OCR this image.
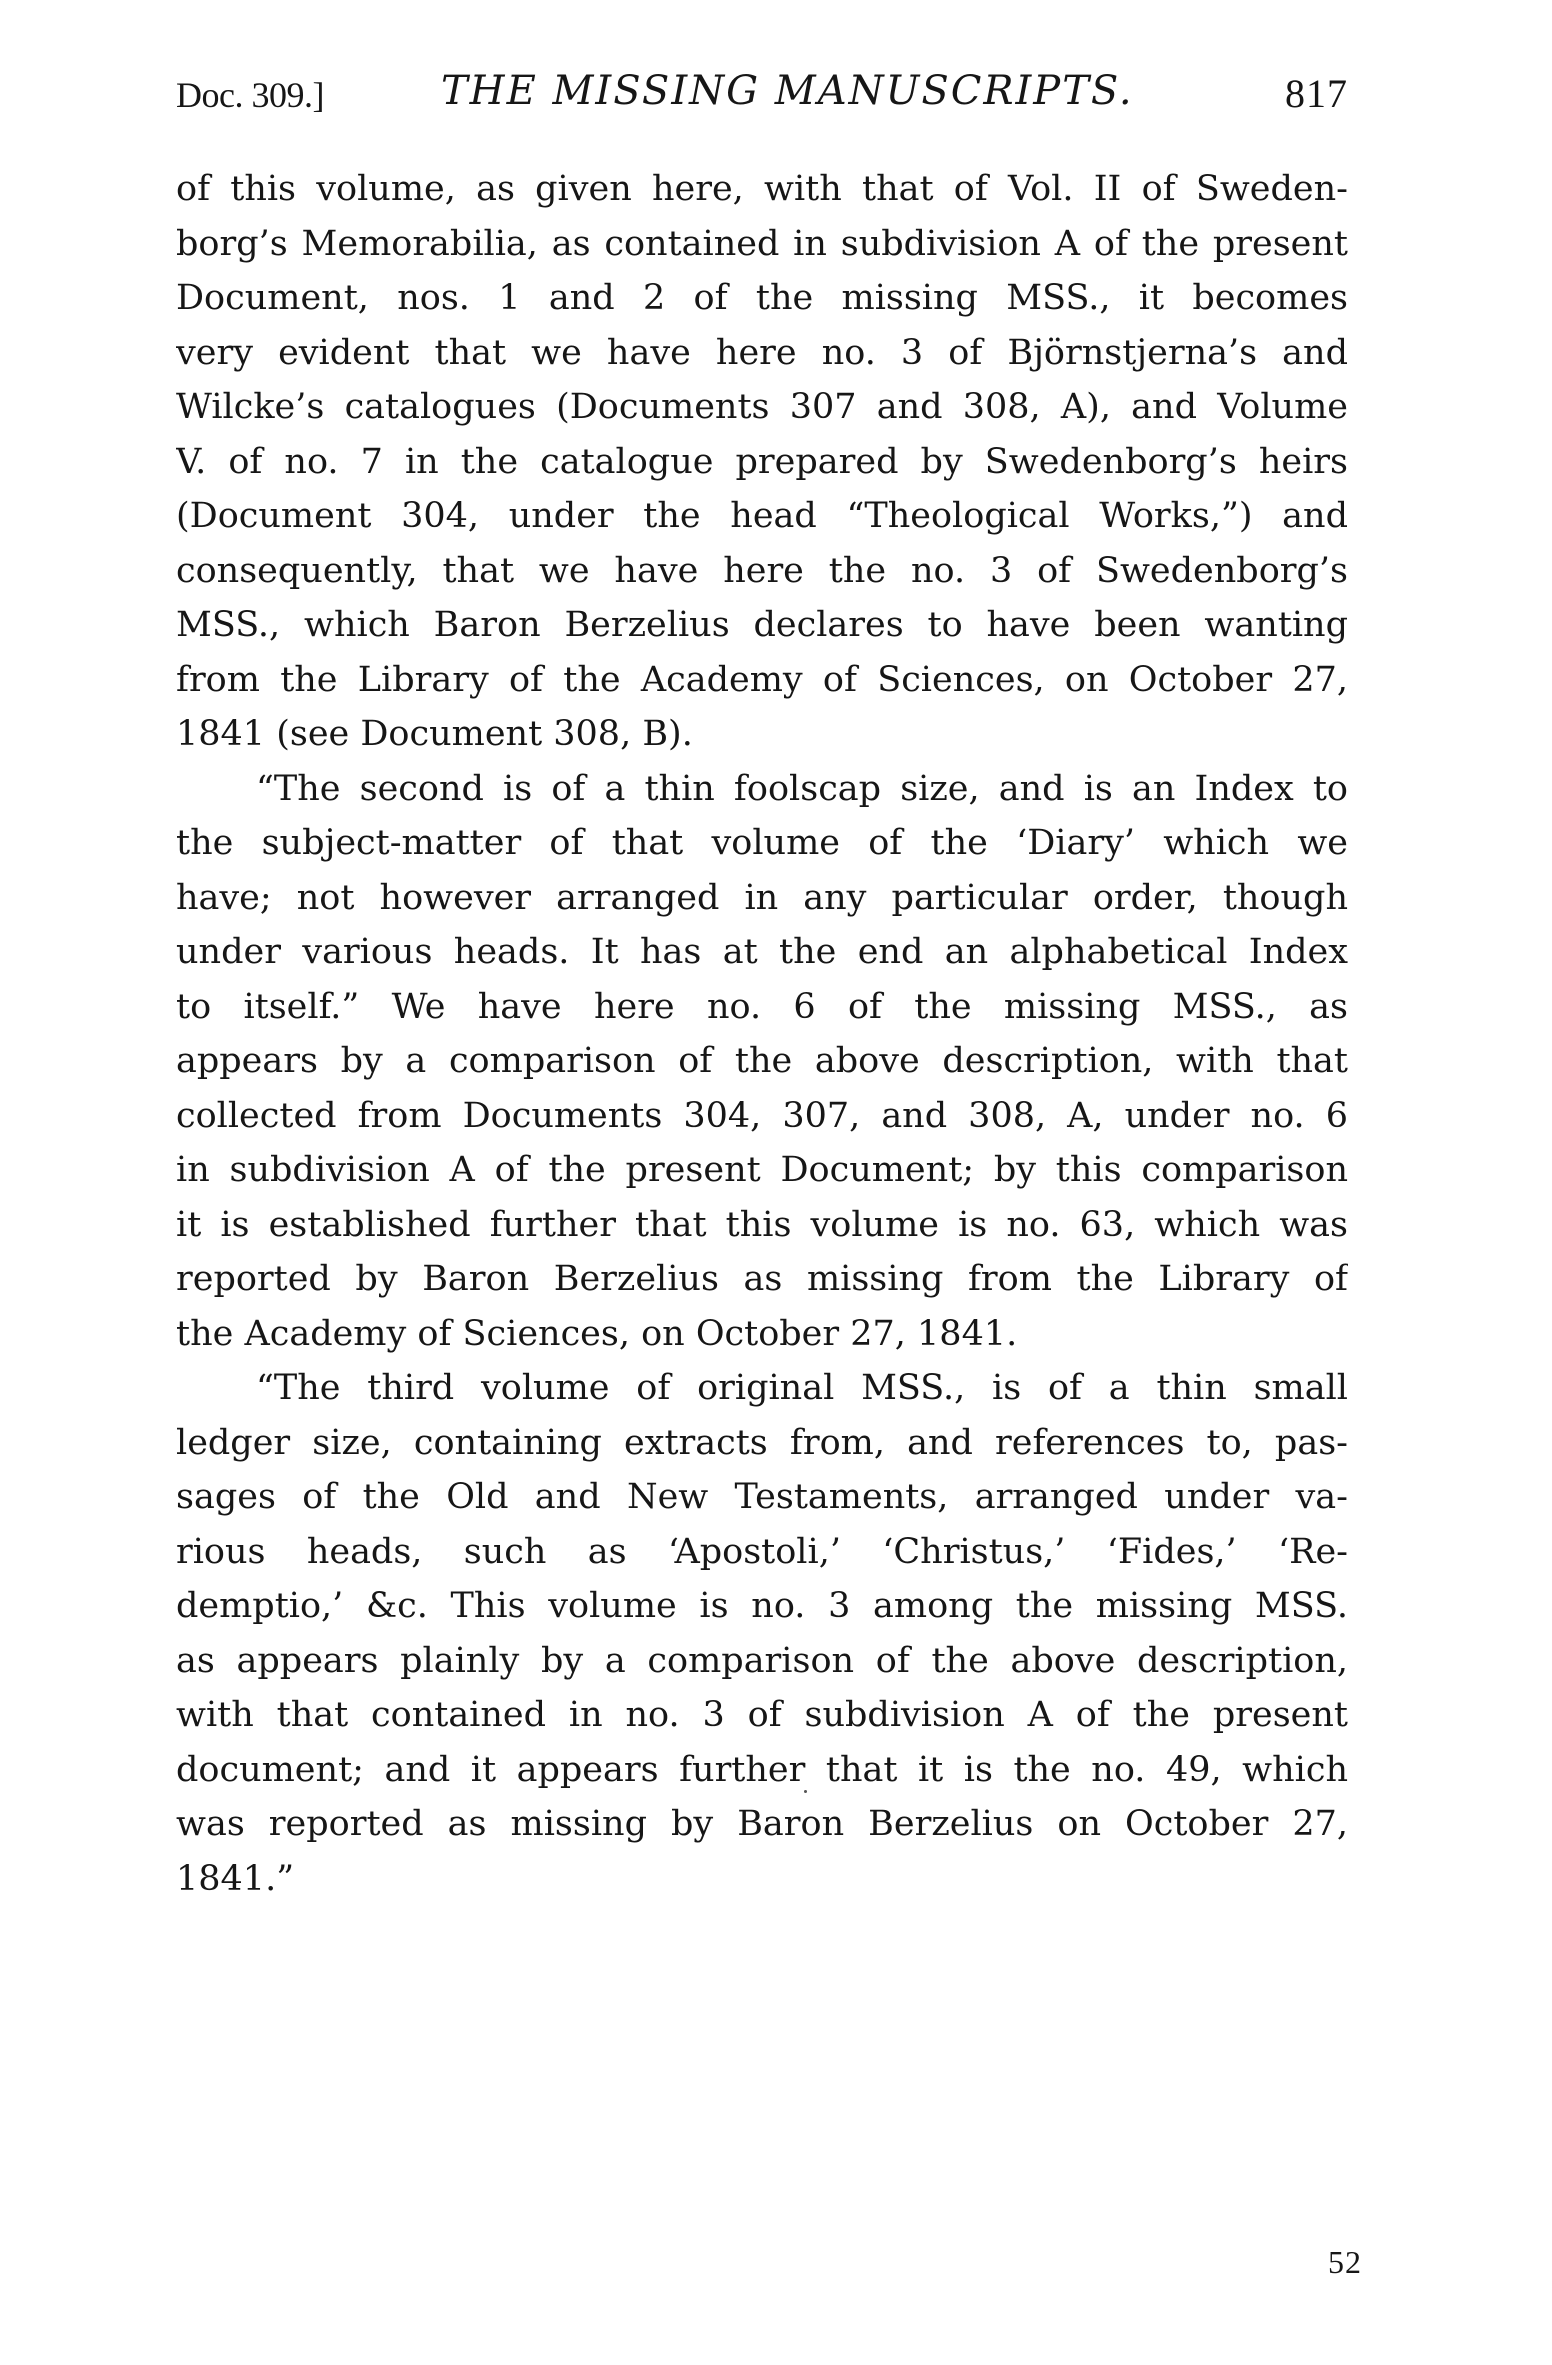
Doc. 309.]	THE MISSING MANUSCRIPTS.	817
of this volume, as given here, with that of Vol. II of Sweden-
borg’s Memorabilia, as contained in subdivision A of the present
Document, nos. 1 and 2 of the missing MSS., it becomes
very evident that we have here no. 3 of Björnstjerna’s and
Wilcke’s catalogues (Documents 307 and 308, A), and Volume
V. of no. 7 in the catalogue prepared by Swedenborg’s heirs
(Document 304, under the head “Theological Works,”) and
consequently, that we have here the no. 3 of Swedenborg’s
MSS., which Baron Berzelius declares to have been wanting
from the Library of the Academy of Sciences, on October 27,
1841 (see Document 308, B).
“The second is of a thin foolscap size, and is an Index to
the subject-matter of that volume of the ‘Diary’ which we
have; not however arranged in any particular order, though
under various heads. It has at the end an alphabetical Index
to itself.” We have here no. 6 of the missing MSS., as
appears by a comparison of the above description, with that
collected from Documents 304, 307, and 308, A, under no. 6
in subdivision A of the present Document; by this comparison
it is established further that this volume is no. 63, which was
reported by Baron Berzelius as missing from the Library of
the Academy of Sciences, on October 27, 1841.
“The third volume of original MSS., is of a thin small
ledger size, containing extracts from, and references to, pas-
sages of the Old and New Testaments, arranged under va-
rious heads, such as ‘Apostoli,’ ‘Christus,’ ‘Fides,’ ‘Re-
demptio,’ &c. This volume is no. 3 among the missing MSS.
as appears plainly by a comparison of the above description,
with that contained in no. 3 of subdivision A of the present
document; and it appears further that it is the no. 49, which
was reported as missing by Baron Berzelius on October 27,
1841.”
52
